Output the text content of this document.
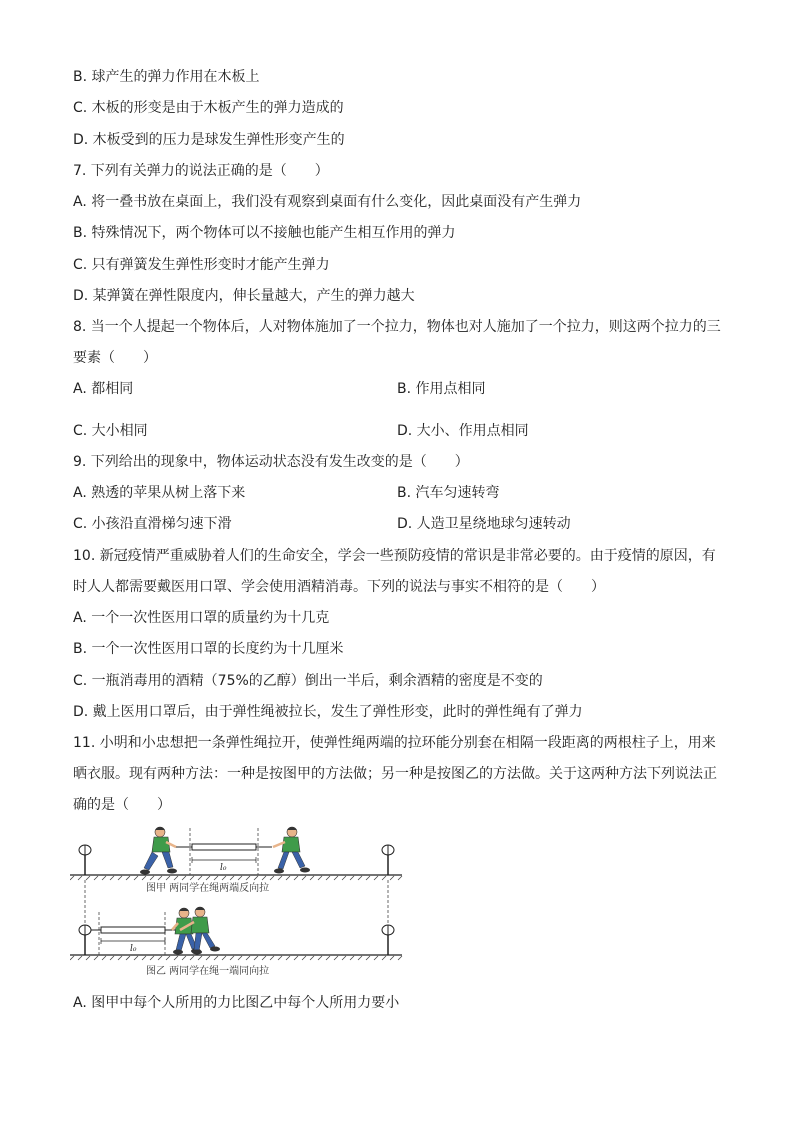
B. 球产生的弹力作用在木板上
C. 木板的形变是由于木板产生的弹力造成的
D. 木板受到的压力是球发生弹性形变产生的
7. 下列有关弹力的说法正确的是（　　）
A. 将一叠书放在桌面上，我们没有观察到桌面有什么变化，因此桌面没有产生弹力
B. 特殊情况下，两个物体可以不接触也能产生相互作用的弹力
C. 只有弹簧发生弹性形变时才能产生弹力
D. 某弹簧在弹性限度内，伸长量越大，产生的弹力越大
8. 当一个人提起一个物体后，人对物体施加了一个拉力，物体也对人施加了一个拉力，则这两个拉力的三
要素（　　）
A. 都相同	B. 作用点相同
C. 大小相同	D. 大小、作用点相同
9. 下列给出的现象中，物体运动状态没有发生改变的是（　　）
A. 熟透的苹果从树上落下来	B. 汽车匀速转弯
C. 小孩沿直滑梯匀速下滑	D. 人造卫星绕地球匀速转动
10. 新冠疫情严重威胁着人们的生命安全，学会一些预防疫情的常识是非常必要的。由于疫情的原因，有
时人人都需要戴医用口罩、学会使用酒精消毒。下列的说法与事实不相符的是（　　）
A. 一个一次性医用口罩的质量约为十几克
B. 一个一次性医用口罩的长度约为十几厘米
C. 一瓶消毒用的酒精（75%的乙醇）倒出一半后，剩余酒精的密度是不变的
D. 戴上医用口罩后，由于弹性绳被拉长，发生了弹性形变，此时的弹性绳有了弹力
11. 小明和小忠想把一条弹性绳拉开，使弹性绳两端的拉环能分别套在相隔一段距离的两根柱子上，用来
晒衣服。现有两种方法：一种是按图甲的方法做；另一种是按图乙的方法做。关于这两种方法下列说法正
确的是（　　）
l₀
图甲 两同学在绳两端反向拉
l₀
图乙 两同学在绳一端同向拉
A. 图甲中每个人所用的力比图乙中每个人所用力要小
